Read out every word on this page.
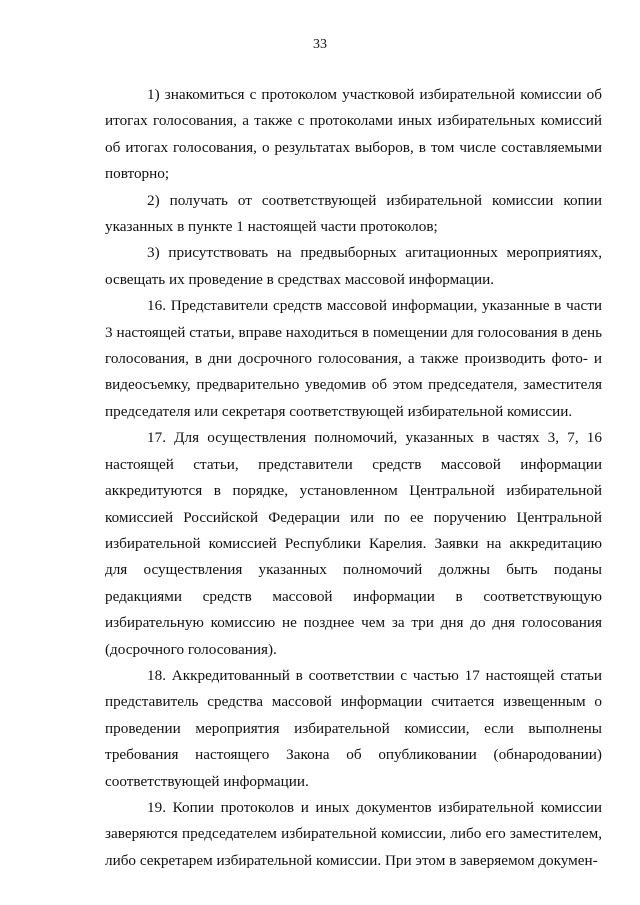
33

1) знакомиться с протоколом участковой избирательной комиссии об итогах голосования, а также с протоколами иных избирательных комиссий об итогах голосования, о результатах выборов, в том числе составляемыми повторно;

2) получать от соответствующей избирательной комиссии копии указанных в пункте 1 настоящей части протоколов;

3) присутствовать на предвыборных агитационных мероприятиях, освещать их проведение в средствах массовой информации.

16. Представители средств массовой информации, указанные в части 3 настоящей статьи, вправе находиться в помещении для голосования в день голосования, в дни досрочного голосования, а также производить фото- и видеосъемку, предварительно уведомив об этом председателя, заместителя председателя или секретаря соответствующей избирательной комиссии.

17. Для осуществления полномочий, указанных в частях 3, 7, 16 настоящей статьи, представители средств массовой информации аккредитуются в порядке, установленном Центральной избирательной комиссией Российской Федерации или по ее поручению Центральной избирательной комиссией Республики Карелия. Заявки на аккредитацию для осуществления указанных полномочий должны быть поданы редакциями средств массовой информации в соответствующую избирательную комиссию не позднее чем за три дня до дня голосования (досрочного голосования).

18. Аккредитованный в соответствии с частью 17 настоящей статьи представитель средства массовой информации считается извещенным о проведении мероприятия избирательной комиссии, если выполнены требования настоящего Закона об опубликовании (обнародовании) соответствующей информации.

19. Копии протоколов и иных документов избирательной комиссии заверяются председателем избирательной комиссии, либо его заместителем, либо секретарем избирательной комиссии. При этом в заверяемом докумен-
